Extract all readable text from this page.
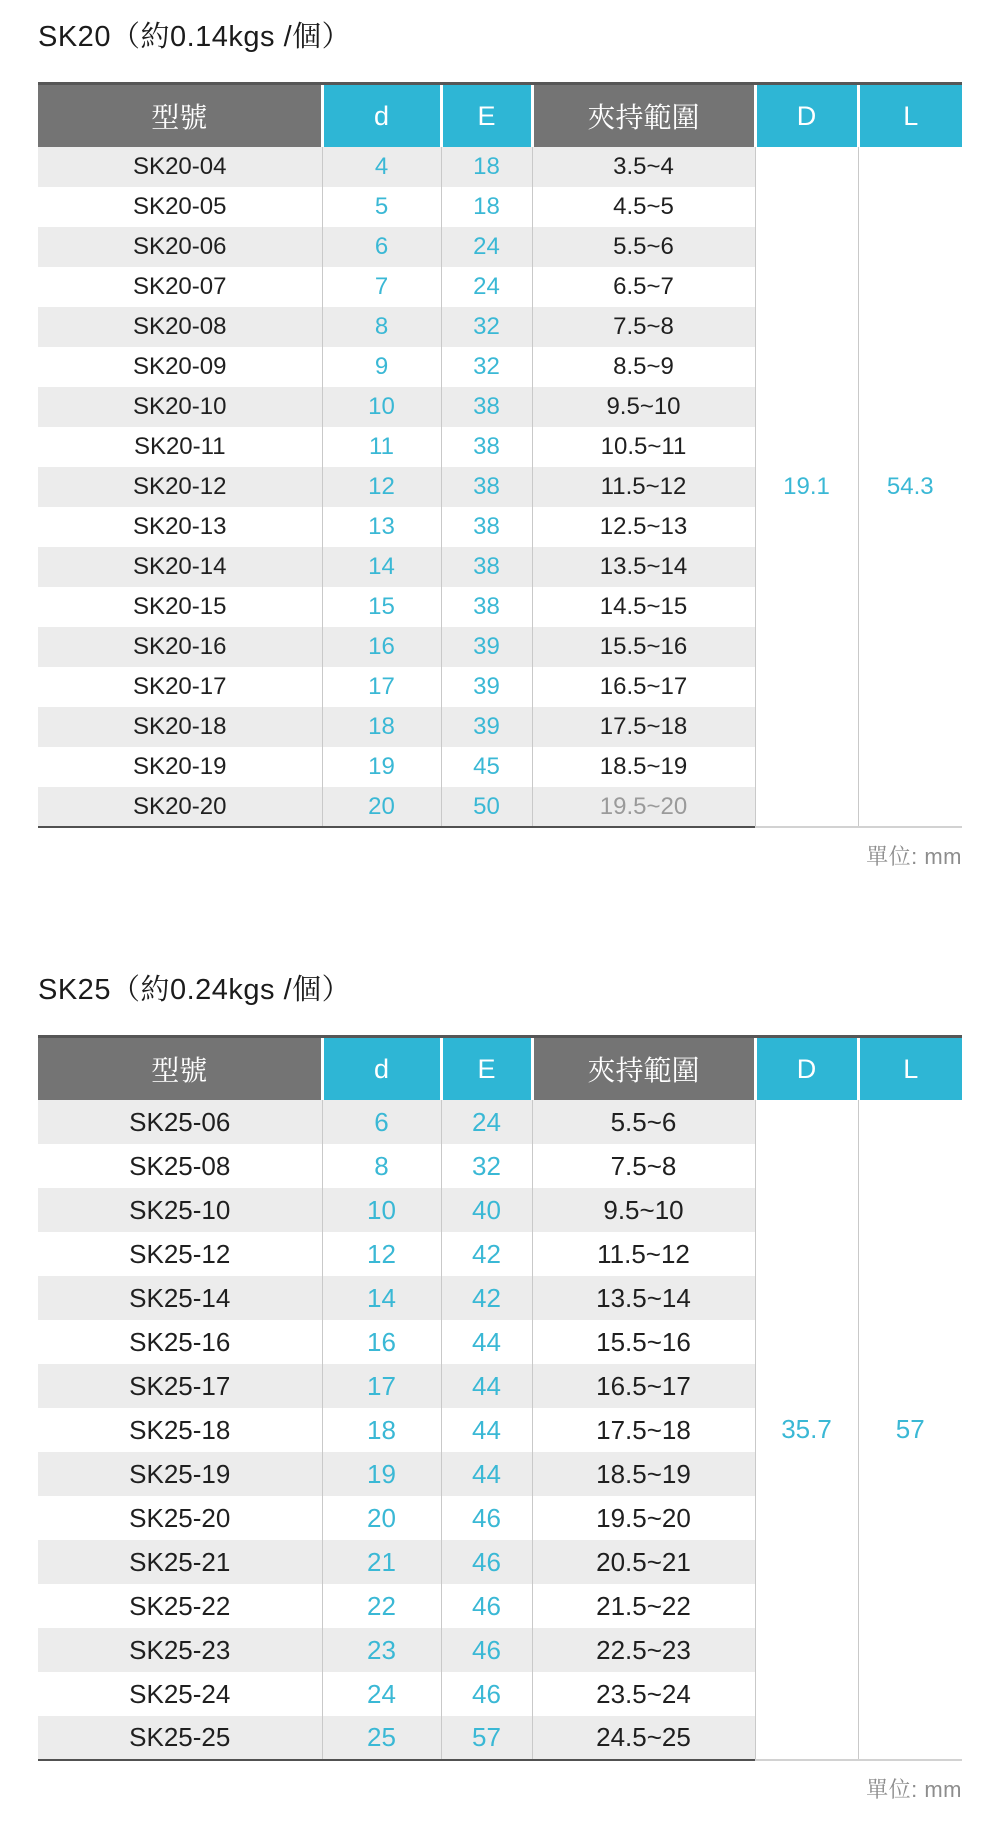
SK20（約0.14kgs /個）
型號	d	E	夾持範圍	D	L
SK20-04	4	18	3.5~4	19.1	54.3
SK20-05	5	18	4.5~5		
SK20-06	6	24	5.5~6		
SK20-07	7	24	6.5~7		
SK20-08	8	32	7.5~8		
SK20-09	9	32	8.5~9		
SK20-10	10	38	9.5~10		
SK20-11	11	38	10.5~11		
SK20-12	12	38	11.5~12		
SK20-13	13	38	12.5~13		
SK20-14	14	38	13.5~14		
SK20-15	15	38	14.5~15		
SK20-16	16	39	15.5~16		
SK20-17	17	39	16.5~17		
SK20-18	18	39	17.5~18		
SK20-19	19	45	18.5~19		
SK20-20	20	50	19.5~20		
單位: mm
SK25（約0.24kgs /個）
型號	d	E	夾持範圍	D	L
SK25-06	6	24	5.5~6	35.7	57
SK25-08	8	32	7.5~8		
SK25-10	10	40	9.5~10		
SK25-12	12	42	11.5~12		
SK25-14	14	42	13.5~14		
SK25-16	16	44	15.5~16		
SK25-17	17	44	16.5~17		
SK25-18	18	44	17.5~18		
SK25-19	19	44	18.5~19		
SK25-20	20	46	19.5~20		
SK25-21	21	46	20.5~21		
SK25-22	22	46	21.5~22		
SK25-23	23	46	22.5~23		
SK25-24	24	46	23.5~24		
SK25-25	25	57	24.5~25		
單位: mm
